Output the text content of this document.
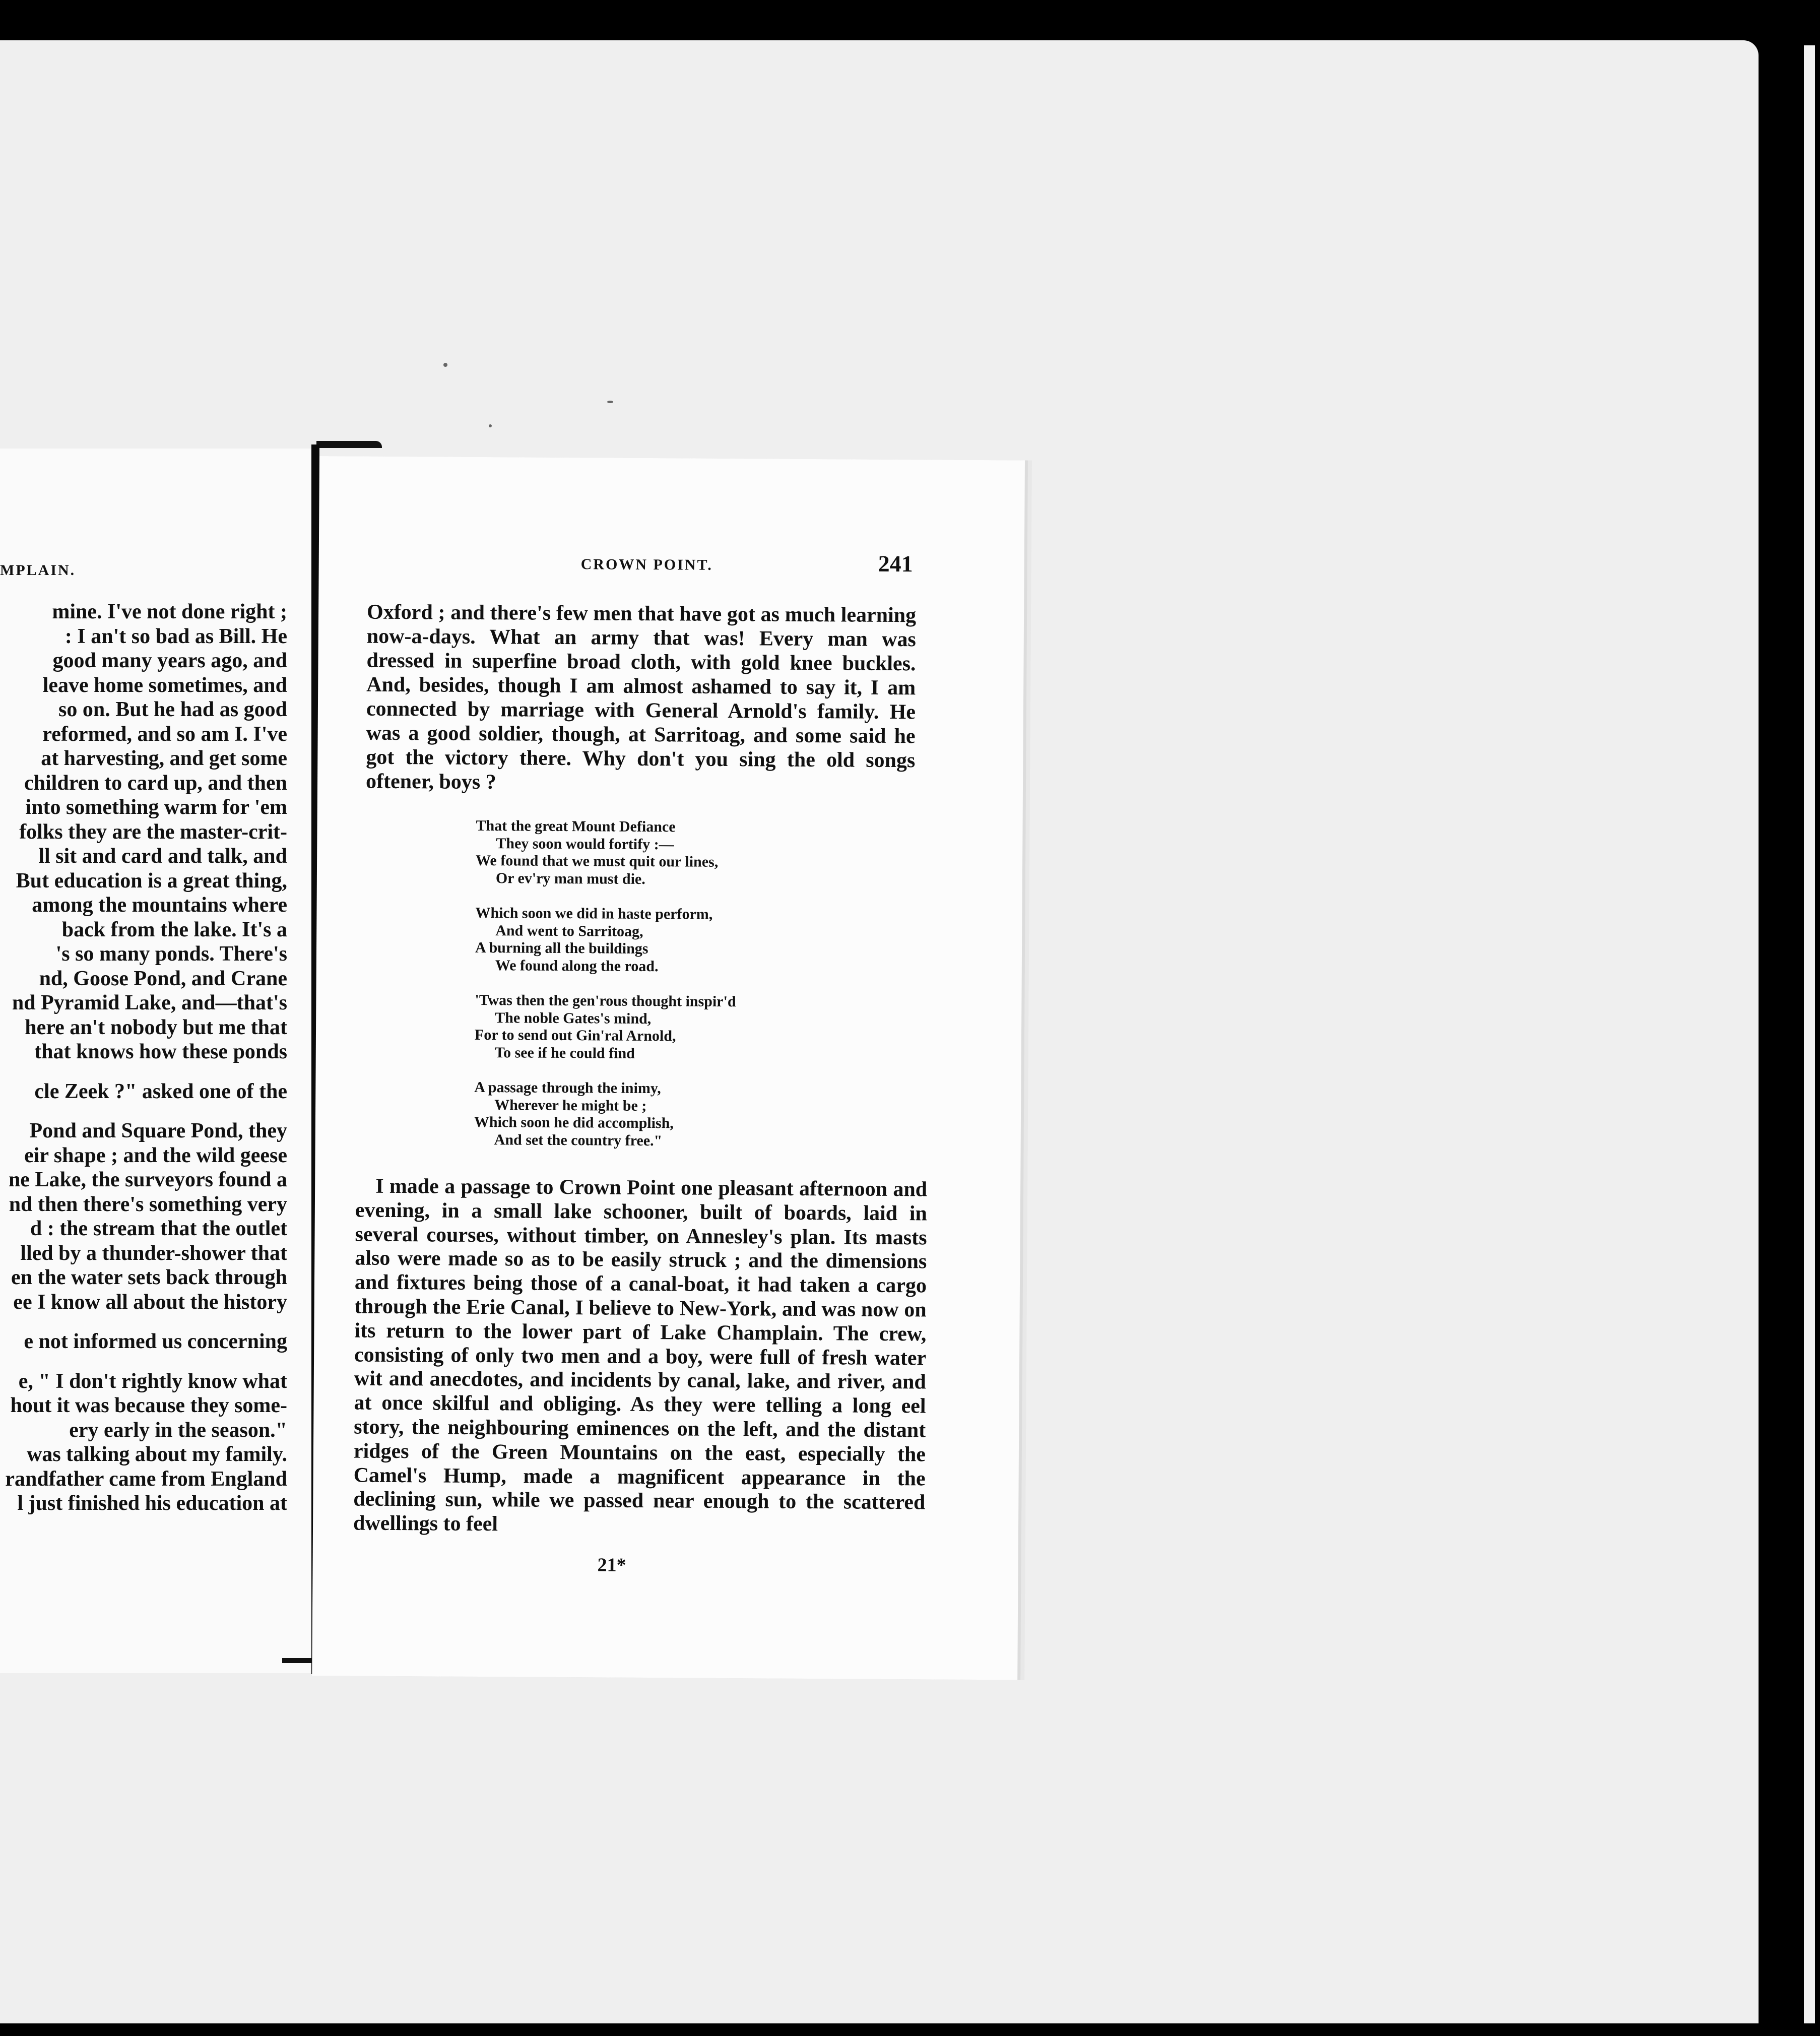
MPLAIN.
mine. I've not done right ;
: I an't so bad as Bill. He
good many years ago, and
leave home sometimes, and
so on. But he had as good
reformed, and so am I. I've
at harvesting, and get some
children to card up, and then
into something warm for 'em
folks they are the master-crit-
ll sit and card and talk, and
But education is a great thing,
among the mountains where
back from the lake. It's a
's so many ponds. There's
nd, Goose Pond, and Crane
nd Pyramid Lake, and—that's
here an't nobody but me that
that knows how these ponds
cle Zeek ?" asked one of the
Pond and Square Pond, they
eir shape ; and the wild geese
ne Lake, the surveyors found a
nd then there's something very
d : the stream that the outlet
lled by a thunder-shower that
en the water sets back through
ee I know all about the history
e not informed us concerning
e, " I don't rightly know what
hout it was because they some-
ery early in the season."
was talking about my family.
randfather came from England
l just finished his education at
CROWN POINT.	241
Oxford ; and there's few men that have got as much learning now-a-days. What an army that was! Every man was dressed in superfine broad cloth, with gold knee buckles. And, besides, though I am almost ashamed to say it, I am connected by marriage with General Arnold's family. He was a good soldier, though, at Sarritoag, and some said he got the victory there. Why don't you sing the old songs oftener, boys ?
That the great Mount Defiance
They soon would fortify :—
We found that we must quit our lines,
Or ev'ry man must die.
Which soon we did in haste perform,
And went to Sarritoag,
A burning all the buildings
We found along the road.
'Twas then the gen'rous thought inspir'd
The noble Gates's mind,
For to send out Gin'ral Arnold,
To see if he could find
A passage through the inimy,
Wherever he might be ;
Which soon he did accomplish,
And set the country free."
I made a passage to Crown Point one pleasant afternoon and evening, in a small lake schooner, built of boards, laid in several courses, without timber, on Annesley's plan. Its masts also were made so as to be easily struck ; and the dimensions and fixtures being those of a canal-boat, it had taken a cargo through the Erie Canal, I believe to New-York, and was now on its return to the lower part of Lake Champlain. The crew, consisting of only two men and a boy, were full of fresh water wit and anecdotes, and incidents by canal, lake, and river, and at once skilful and obliging. As they were telling a long eel story, the neighbouring eminences on the left, and the distant ridges of the Green Mountains on the east, especially the Camel's Hump, made a magnificent appearance in the declining sun, while we passed near enough to the scattered dwellings to feel
21*
